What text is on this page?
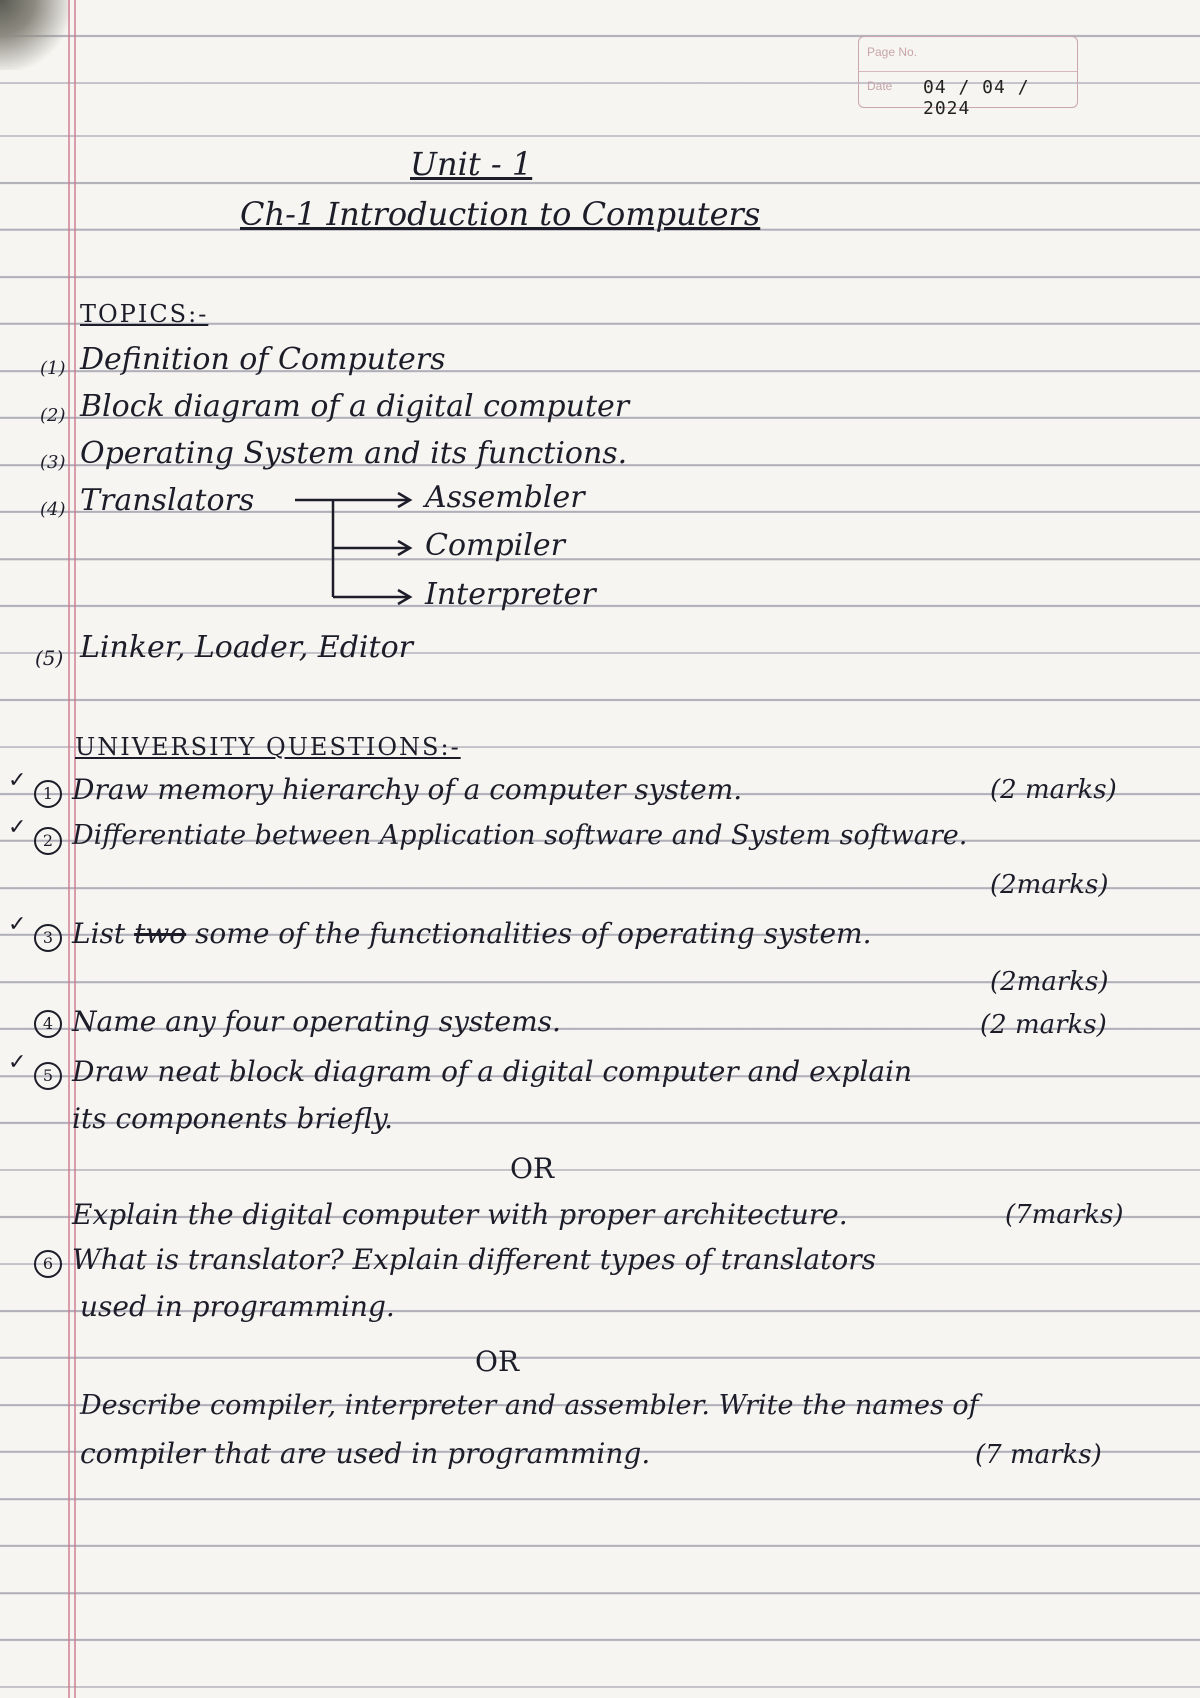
Page No.
Date	04 / 04 / 2024
Unit - 1
Ch-1 Introduction to Computers
TOPICS:-
(1) Definition of Computers
(2) Block diagram of a digital computer
(3) Operating System and its functions.
(4) Translators	Assembler
Compiler
Interpreter
(5) Linker, Loader, Editor
UNIVERSITY QUESTIONS:-
✓
1 Draw memory hierarchy of a computer system.	(2 marks)
✓
2 Differentiate between Application software and System software.
(2marks)
✓
3 List two some of the functionalities of operating system.
(2marks)
4 Name any four operating systems.	(2 marks)
✓
5 Draw neat block diagram of a digital computer and explain
its components briefly.
OR
Explain the digital computer with proper architecture.	(7marks)
6 What is translator? Explain different types of translators
used in programming.
OR
Describe compiler, interpreter and assembler. Write the names of
compiler that are used in programming.	(7 marks)
